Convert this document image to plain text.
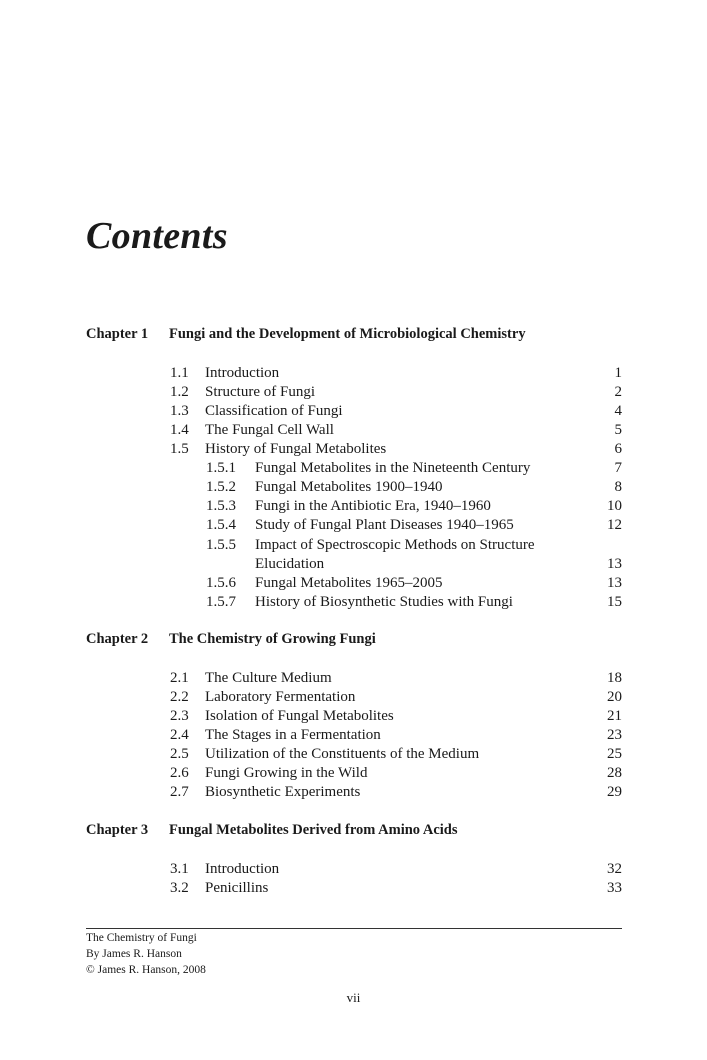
Contents
Chapter 1 Fungi and the Development of Microbiological Chemistry
1.1 Introduction	1
1.2 Structure of Fungi	2
1.3 Classification of Fungi	4
1.4 The Fungal Cell Wall	5
1.5 History of Fungal Metabolites	6
1.5.1 Fungal Metabolites in the Nineteenth Century	7
1.5.2 Fungal Metabolites 1900–1940	8
1.5.3 Fungi in the Antibiotic Era, 1940–1960	10
1.5.4 Study of Fungal Plant Diseases 1940–1965	12
1.5.5 Impact of Spectroscopic Methods on Structure
Elucidation	13
1.5.6 Fungal Metabolites 1965–2005	13
1.5.7 History of Biosynthetic Studies with Fungi	15
Chapter 2 The Chemistry of Growing Fungi
2.1 The Culture Medium	18
2.2 Laboratory Fermentation	20
2.3 Isolation of Fungal Metabolites	21
2.4 The Stages in a Fermentation	23
2.5 Utilization of the Constituents of the Medium	25
2.6 Fungi Growing in the Wild	28
2.7 Biosynthetic Experiments	29
Chapter 3 Fungal Metabolites Derived from Amino Acids
3.1 Introduction	32
3.2 Penicillins	33
The Chemistry of Fungi
By James R. Hanson
© James R. Hanson, 2008
vii
